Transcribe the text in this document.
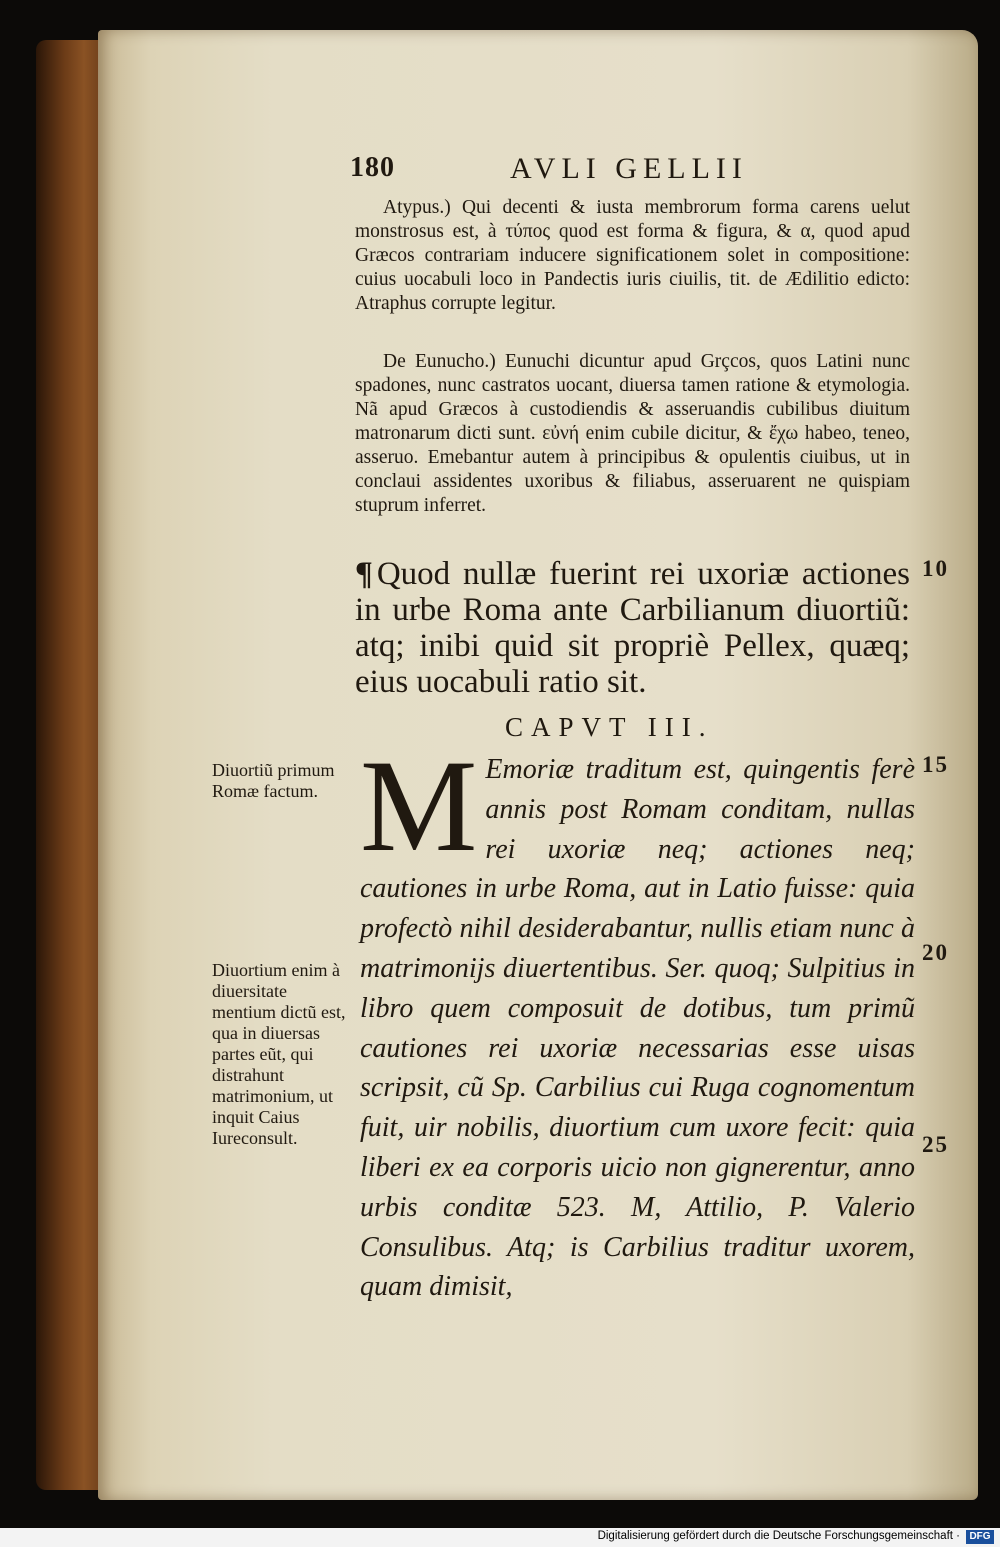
180	AVLI GELLII
Atypus.) Qui decenti & iusta membrorum forma carens uelut monstrosus est, à τύπος quod est forma & figura, & α, quod apud Græcos contrariam inducere significationem solet in compositione: cuius uocabuli loco in Pandectis iuris ciuilis, tit. de Ædilitio edicto: Atraphus corrupte legitur.
De Eunucho.) Eunuchi dicuntur apud Grçcos, quos Latini nunc spadones, nunc castratos uocant, diuersa tamen ratione & etymologia. Nã apud Græcos à custodiendis & asseruandis cubilibus diuitum matronarum dicti sunt. εὐνή enim cubile dicitur, & ἔχω habeo, teneo, asseruo. Emebantur autem à principibus & opulentis ciuibus, ut in conclaui assidentes uxoribus & filiabus, asseruarent ne quispiam stuprum inferret.
¶ Quod nullæ fuerint rei uxoriæ actiones in urbe Roma ante Carbilianum diuortiũ: atq; inibi quid sit propriè Pellex, quæq; eius uocabuli ratio sit.
CAPVT III.
M Emoriæ traditum est, quingentis ferè annis post Romam conditam, nullas rei uxoriæ neq; actiones neq; cautiones in urbe Roma, aut in Latio fuisse: quia profectò nihil desiderabantur, nullis etiam nunc à matrimonijs diuertentibus. Ser. quoq; Sulpitius in libro quem composuit de dotibus, tum primũ cautiones rei uxoriæ necessarias esse uisas scripsit, cũ Sp. Carbilius cui Ruga cognomentum fuit, uir nobilis, diuortium cum uxore fecit: quia liberi ex ea corporis uicio non gignerentur, anno urbis conditæ 523. M, Attilio, P. Valerio Consulibus. Atq; is Carbilius traditur uxorem, quam dimisit,
Diuortiũ primum Romæ factum.
Diuortium enim à diuersitate mentium dictũ est, qua in diuersas partes eũt, qui distrahunt matrimonium, ut inquit Caius Iureconsult.
10
15
20
25
Digitalisierung gefördert durch die Deutsche Forschungsgemeinschaft · DFG
